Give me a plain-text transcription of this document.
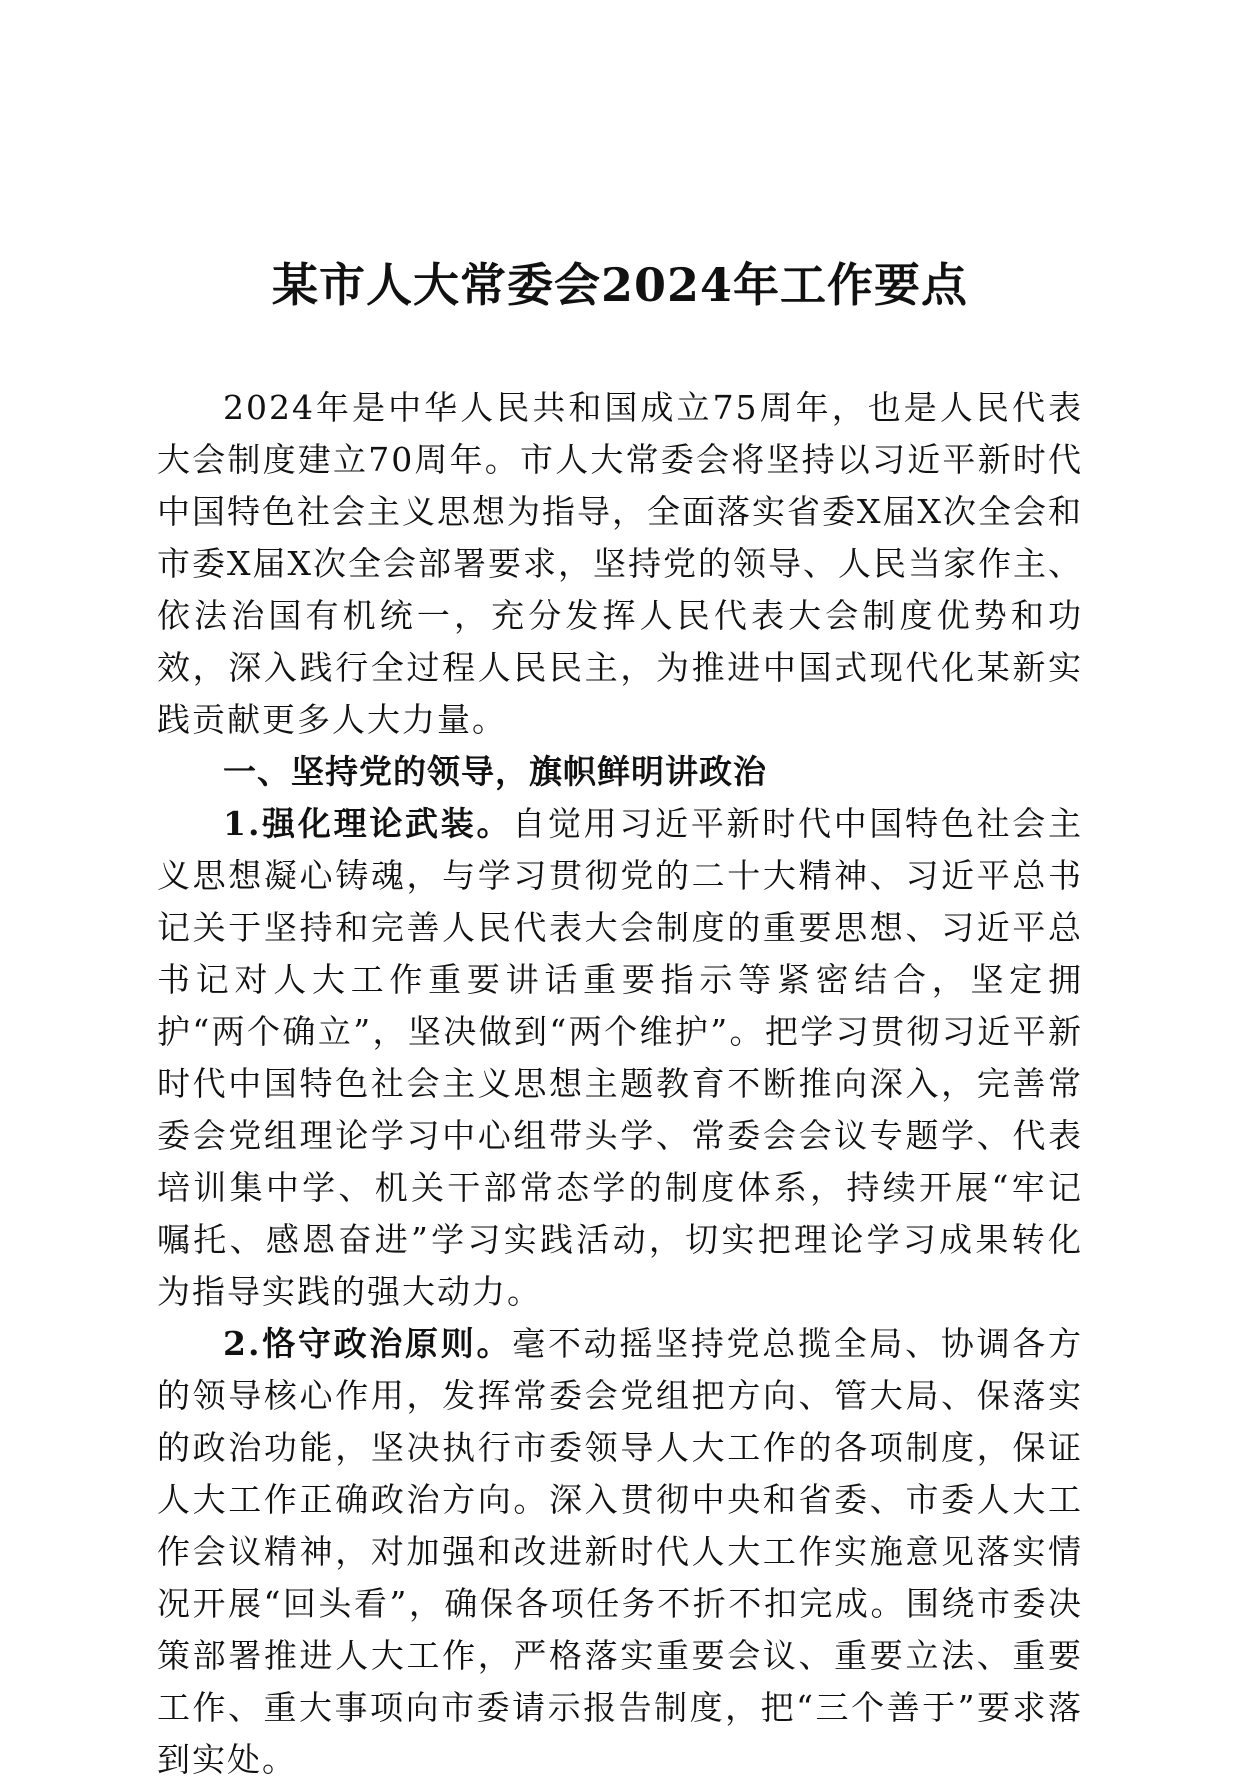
某市人大常委会2024年工作要点

2024年是中华人民共和国成立75周年，也是人民代表大会制度建立70周年。市人大常委会将坚持以习近平新时代中国特色社会主义思想为指导，全面落实省委X届X次全会和市委X届X次全会部署要求，坚持党的领导、人民当家作主、依法治国有机统一，充分发挥人民代表大会制度优势和功效，深入践行全过程人民民主，为推进中国式现代化某新实践贡献更多人大力量。

一、坚持党的领导，旗帜鲜明讲政治

1.强化理论武装。自觉用习近平新时代中国特色社会主义思想凝心铸魂，与学习贯彻党的二十大精神、习近平总书记关于坚持和完善人民代表大会制度的重要思想、习近平总书记对人大工作重要讲话重要指示等紧密结合，坚定拥护“两个确立”，坚决做到“两个维护”。把学习贯彻习近平新时代中国特色社会主义思想主题教育不断推向深入，完善常委会党组理论学习中心组带头学、常委会会议专题学、代表培训集中学、机关干部常态学的制度体系，持续开展“牢记嘱托、感恩奋进”学习实践活动，切实把理论学习成果转化为指导实践的强大动力。

2.恪守政治原则。毫不动摇坚持党总揽全局、协调各方的领导核心作用，发挥常委会党组把方向、管大局、保落实的政治功能，坚决执行市委领导人大工作的各项制度，保证人大工作正确政治方向。深入贯彻中央和省委、市委人大工作会议精神，对加强和改进新时代人大工作实施意见落实情况开展“回头看”，确保各项任务不折不扣完成。围绕市委决策部署推进人大工作，严格落实重要会议、重要立法、重要工作、重大事项向市委请示报告制度，把“三个善于”要求落到实处。
